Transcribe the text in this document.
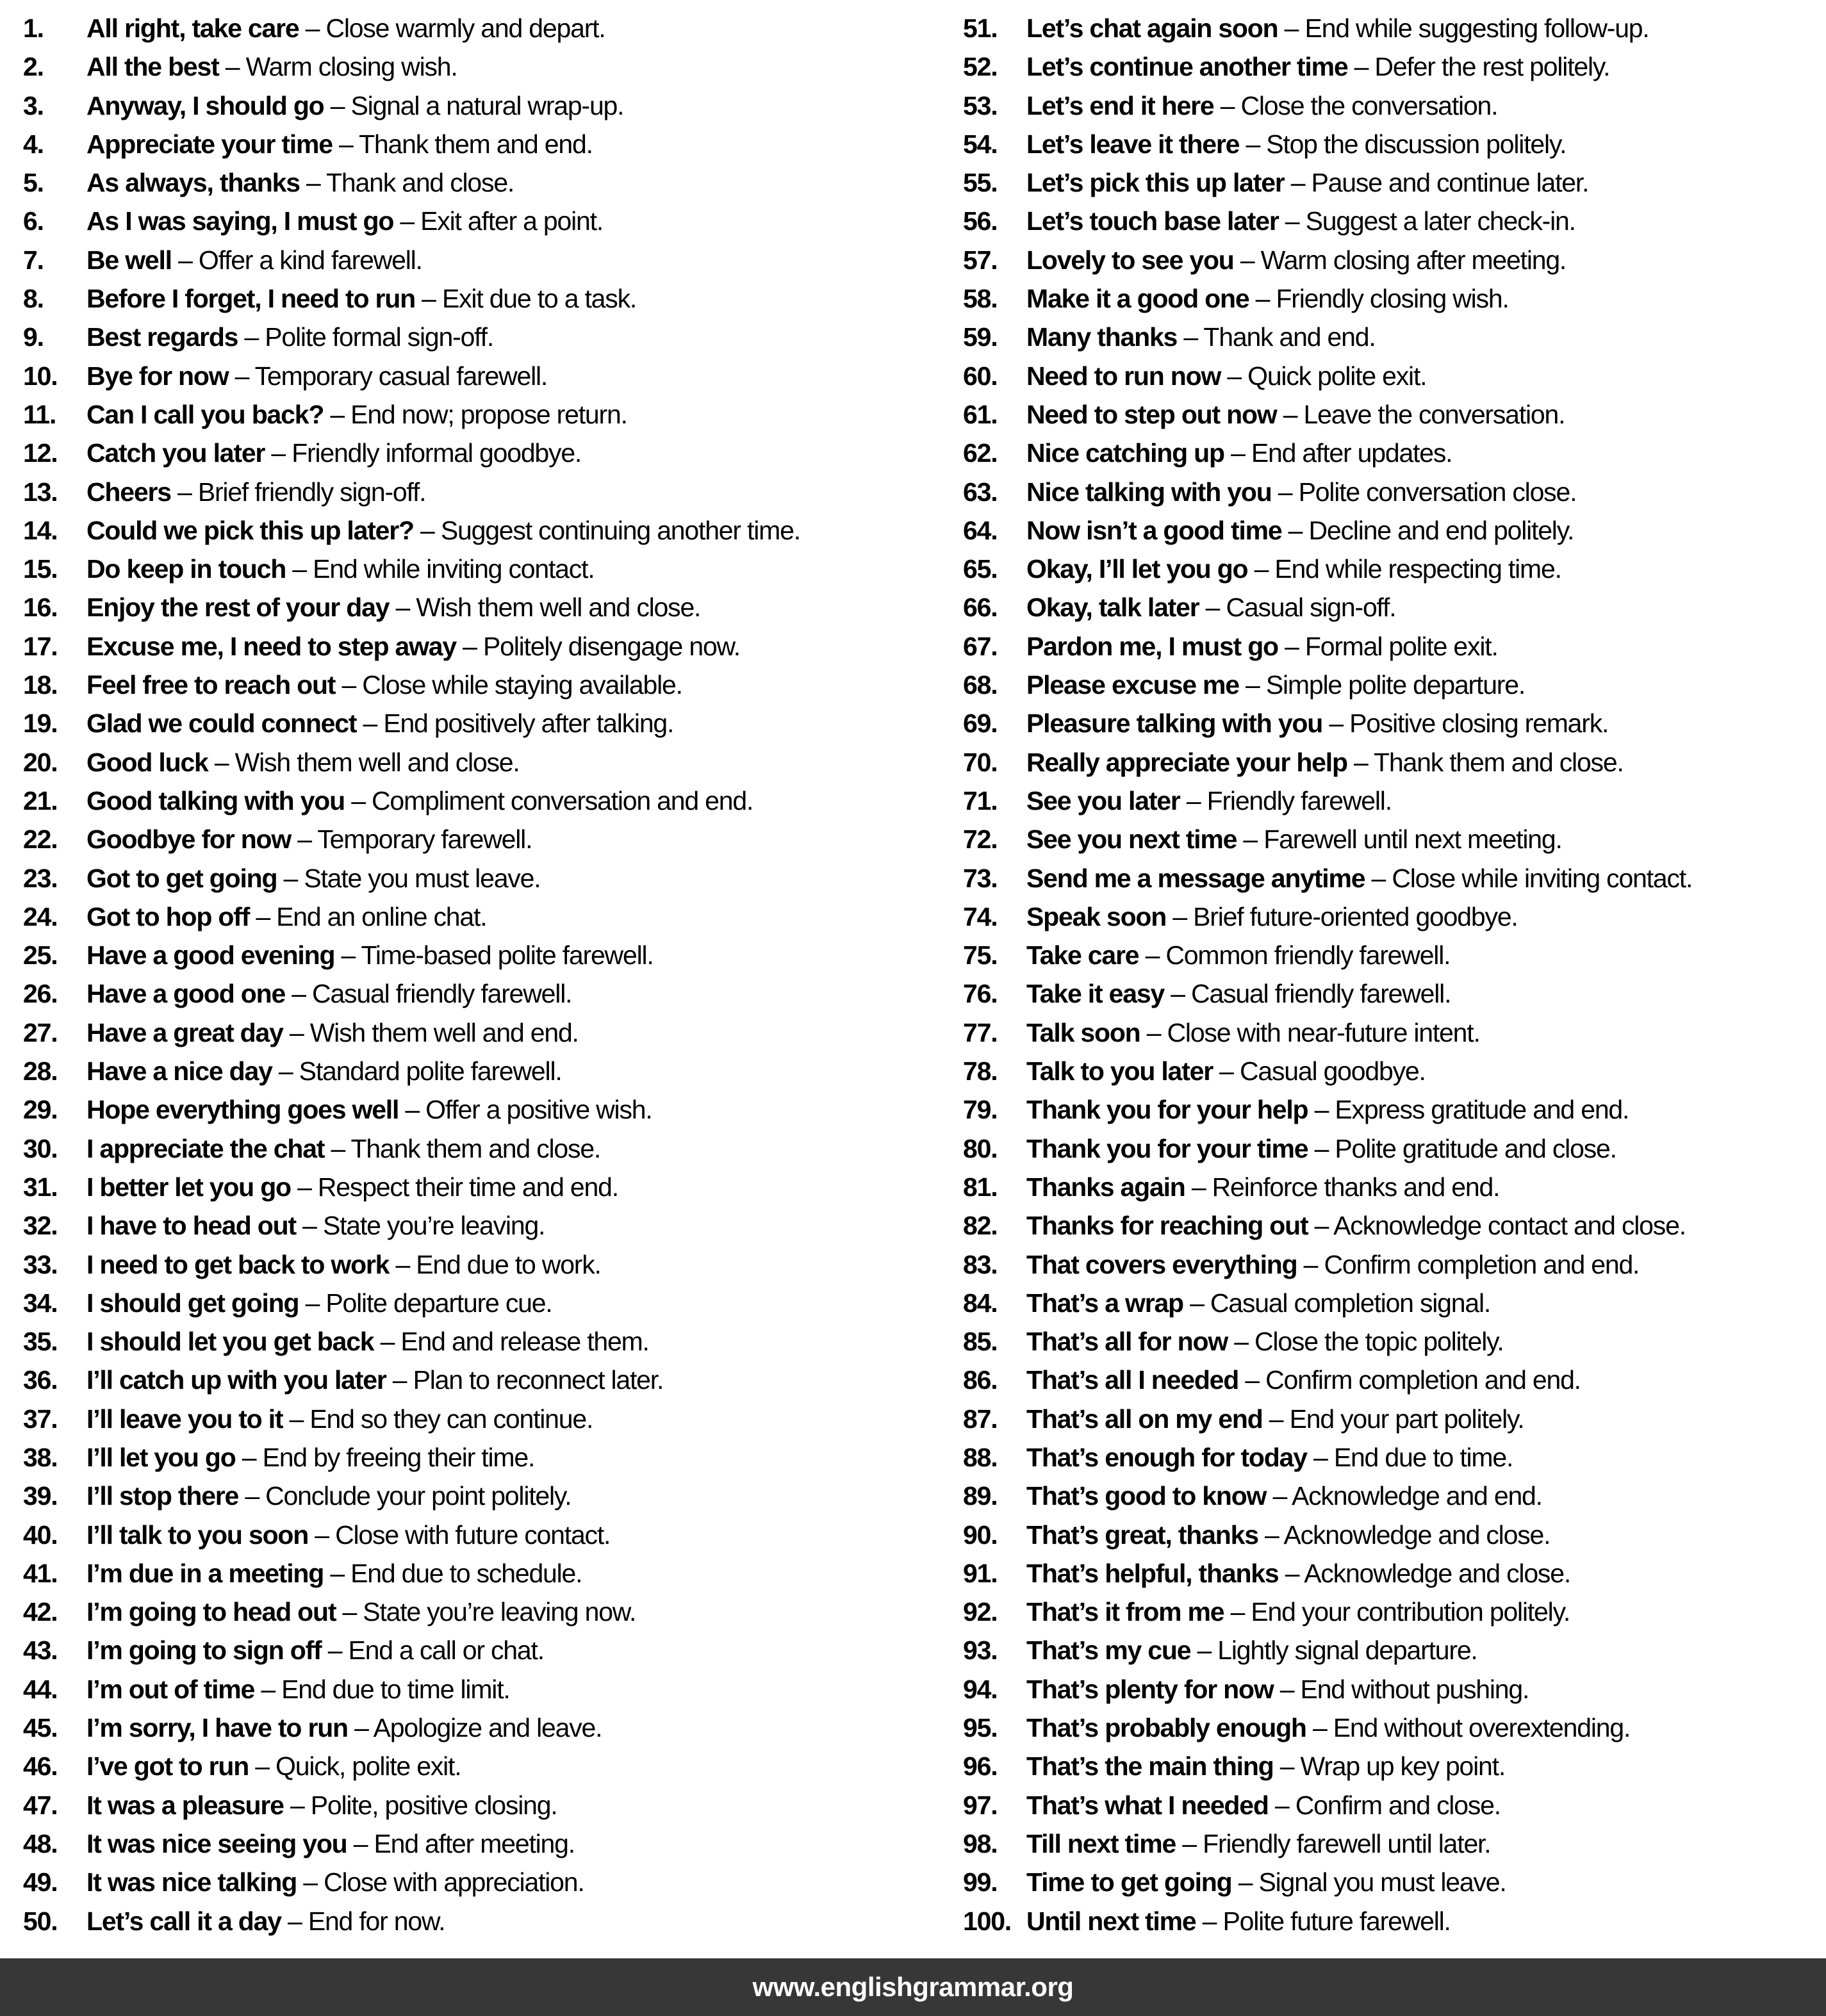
1. All right, take care – Close warmly and depart.
2. All the best – Warm closing wish.
3. Anyway, I should go – Signal a natural wrap-up.
4. Appreciate your time – Thank them and end.
5. As always, thanks – Thank and close.
6. As I was saying, I must go – Exit after a point.
7. Be well – Offer a kind farewell.
8. Before I forget, I need to run – Exit due to a task.
9. Best regards – Polite formal sign-off.
10. Bye for now – Temporary casual farewell.
11. Can I call you back? – End now; propose return.
12. Catch you later – Friendly informal goodbye.
13. Cheers – Brief friendly sign-off.
14. Could we pick this up later? – Suggest continuing another time.
15. Do keep in touch – End while inviting contact.
16. Enjoy the rest of your day – Wish them well and close.
17. Excuse me, I need to step away – Politely disengage now.
18. Feel free to reach out – Close while staying available.
19. Glad we could connect – End positively after talking.
20. Good luck – Wish them well and close.
21. Good talking with you – Compliment conversation and end.
22. Goodbye for now – Temporary farewell.
23. Got to get going – State you must leave.
24. Got to hop off – End an online chat.
25. Have a good evening – Time-based polite farewell.
26. Have a good one – Casual friendly farewell.
27. Have a great day – Wish them well and end.
28. Have a nice day – Standard polite farewell.
29. Hope everything goes well – Offer a positive wish.
30. I appreciate the chat – Thank them and close.
31. I better let you go – Respect their time and end.
32. I have to head out – State you’re leaving.
33. I need to get back to work – End due to work.
34. I should get going – Polite departure cue.
35. I should let you get back – End and release them.
36. I’ll catch up with you later – Plan to reconnect later.
37. I’ll leave you to it – End so they can continue.
38. I’ll let you go – End by freeing their time.
39. I’ll stop there – Conclude your point politely.
40. I’ll talk to you soon – Close with future contact.
41. I’m due in a meeting – End due to schedule.
42. I’m going to head out – State you’re leaving now.
43. I’m going to sign off – End a call or chat.
44. I’m out of time – End due to time limit.
45. I’m sorry, I have to run – Apologize and leave.
46. I’ve got to run – Quick, polite exit.
47. It was a pleasure – Polite, positive closing.
48. It was nice seeing you – End after meeting.
49. It was nice talking – Close with appreciation.
50. Let’s call it a day – End for now.
51. Let’s chat again soon – End while suggesting follow-up.
52. Let’s continue another time – Defer the rest politely.
53. Let’s end it here – Close the conversation.
54. Let’s leave it there – Stop the discussion politely.
55. Let’s pick this up later – Pause and continue later.
56. Let’s touch base later – Suggest a later check-in.
57. Lovely to see you – Warm closing after meeting.
58. Make it a good one – Friendly closing wish.
59. Many thanks – Thank and end.
60. Need to run now – Quick polite exit.
61. Need to step out now – Leave the conversation.
62. Nice catching up – End after updates.
63. Nice talking with you – Polite conversation close.
64. Now isn’t a good time – Decline and end politely.
65. Okay, I’ll let you go – End while respecting time.
66. Okay, talk later – Casual sign-off.
67. Pardon me, I must go – Formal polite exit.
68. Please excuse me – Simple polite departure.
69. Pleasure talking with you – Positive closing remark.
70. Really appreciate your help – Thank them and close.
71. See you later – Friendly farewell.
72. See you next time – Farewell until next meeting.
73. Send me a message anytime – Close while inviting contact.
74. Speak soon – Brief future-oriented goodbye.
75. Take care – Common friendly farewell.
76. Take it easy – Casual friendly farewell.
77. Talk soon – Close with near-future intent.
78. Talk to you later – Casual goodbye.
79. Thank you for your help – Express gratitude and end.
80. Thank you for your time – Polite gratitude and close.
81. Thanks again – Reinforce thanks and end.
82. Thanks for reaching out – Acknowledge contact and close.
83. That covers everything – Confirm completion and end.
84. That’s a wrap – Casual completion signal.
85. That’s all for now – Close the topic politely.
86. That’s all I needed – Confirm completion and end.
87. That’s all on my end – End your part politely.
88. That’s enough for today – End due to time.
89. That’s good to know – Acknowledge and end.
90. That’s great, thanks – Acknowledge and close.
91. That’s helpful, thanks – Acknowledge and close.
92. That’s it from me – End your contribution politely.
93. That’s my cue – Lightly signal departure.
94. That’s plenty for now – End without pushing.
95. That’s probably enough – End without overextending.
96. That’s the main thing – Wrap up key point.
97. That’s what I needed – Confirm and close.
98. Till next time – Friendly farewell until later.
99. Time to get going – Signal you must leave.
100. Until next time – Polite future farewell.
www.englishgrammar.org
